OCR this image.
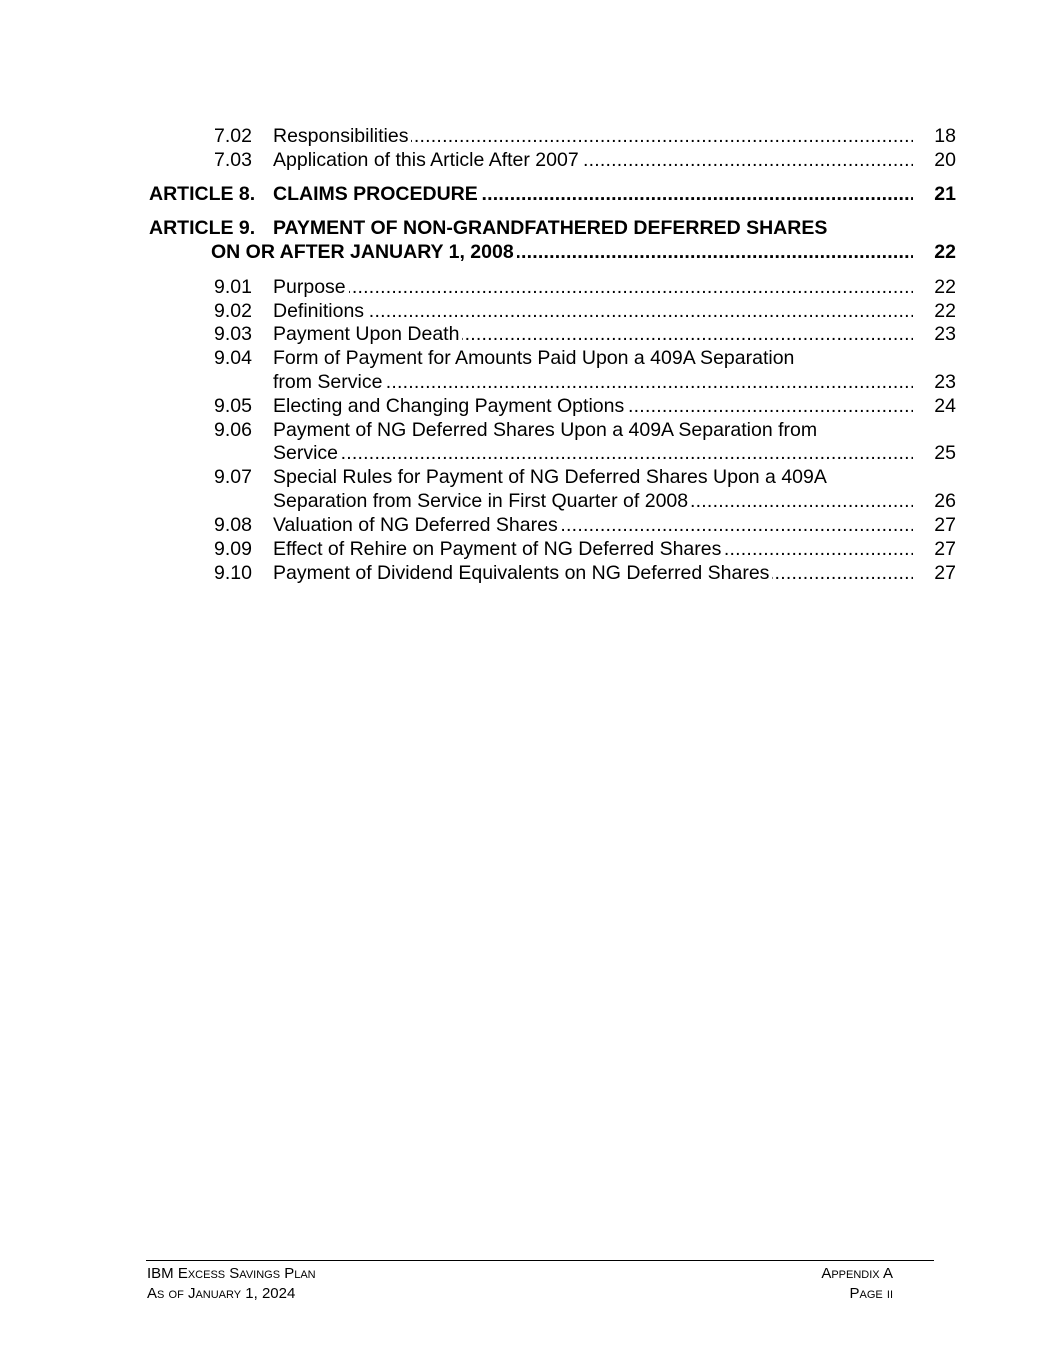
7.02 Responsibilities . . .	18
7.03 Application of this Article After 2007 . . .	20
ARTICLE 8. CLAIMS PROCEDURE . . .	21
ARTICLE 9. PAYMENT OF NON-GRANDFATHERED DEFERRED SHARES
ON OR AFTER JANUARY 1, 2008 . . .	22
9.01 Purpose . . .	22
9.02 Definitions . . .	22
9.03 Payment Upon Death . . .	23
9.04 Form of Payment for Amounts Paid Upon a 409A Separation
from Service . . .	23
9.05 Electing and Changing Payment Options . . .	24
9.06 Payment of NG Deferred Shares Upon a 409A Separation from
Service . . .	25
9.07 Special Rules for Payment of NG Deferred Shares Upon a 409A
Separation from Service in First Quarter of 2008 . . .	26
9.08 Valuation of NG Deferred Shares . . .	27
9.09 Effect of Rehire on Payment of NG Deferred Shares . . .	27
9.10 Payment of Dividend Equivalents on NG Deferred Shares . . .	27
IBM Excess Savings Plan
As of January 1, 2024
Appendix A
Page ii
